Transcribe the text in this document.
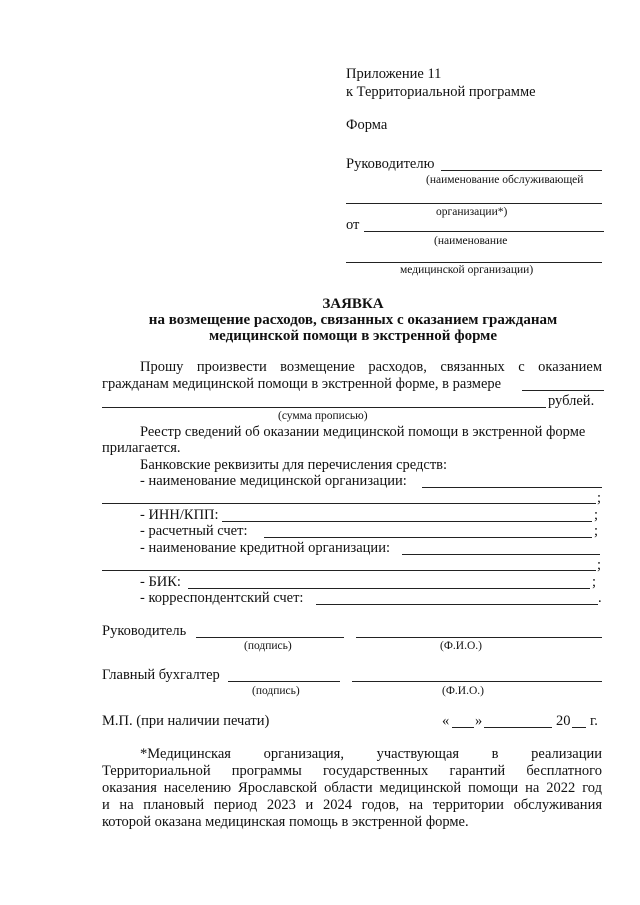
Приложение 11
к Территориальной программе
Форма
Руководителю
(наименование обслуживающей
организации*)
от
(наименование
медицинской организации)
ЗАЯВКА
на возмещение расходов, связанных с оказанием гражданам
медицинской помощи в экстренной форме
Прошу произвести возмещение расходов, связанных с оказанием
гражданам медицинской помощи в экстренной форме, в размере
рублей.
(сумма прописью)
Реестр сведений об оказании медицинской помощи в экстренной форме
прилагается.
Банковские реквизиты для перечисления средств:
- наименование медицинской организации:
;
- ИНН/КПП:	;
- расчетный счет:	;
- наименование кредитной организации:
;
- БИК:	;
- корреспондентский счет:	.
Руководитель
(подпись)	(Ф.И.О.)
Главный бухгалтер
(подпись)	(Ф.И.О.)
М.П. (при наличии печати)	« »	20 г.
*Медицинская организация, участвующая в реализации
Территориальной программы государственных гарантий бесплатного
оказания населению Ярославской области медицинской помощи на 2022 год
и на плановый период 2023 и 2024 годов, на территории обслуживания
которой оказана медицинская помощь в экстренной форме.
